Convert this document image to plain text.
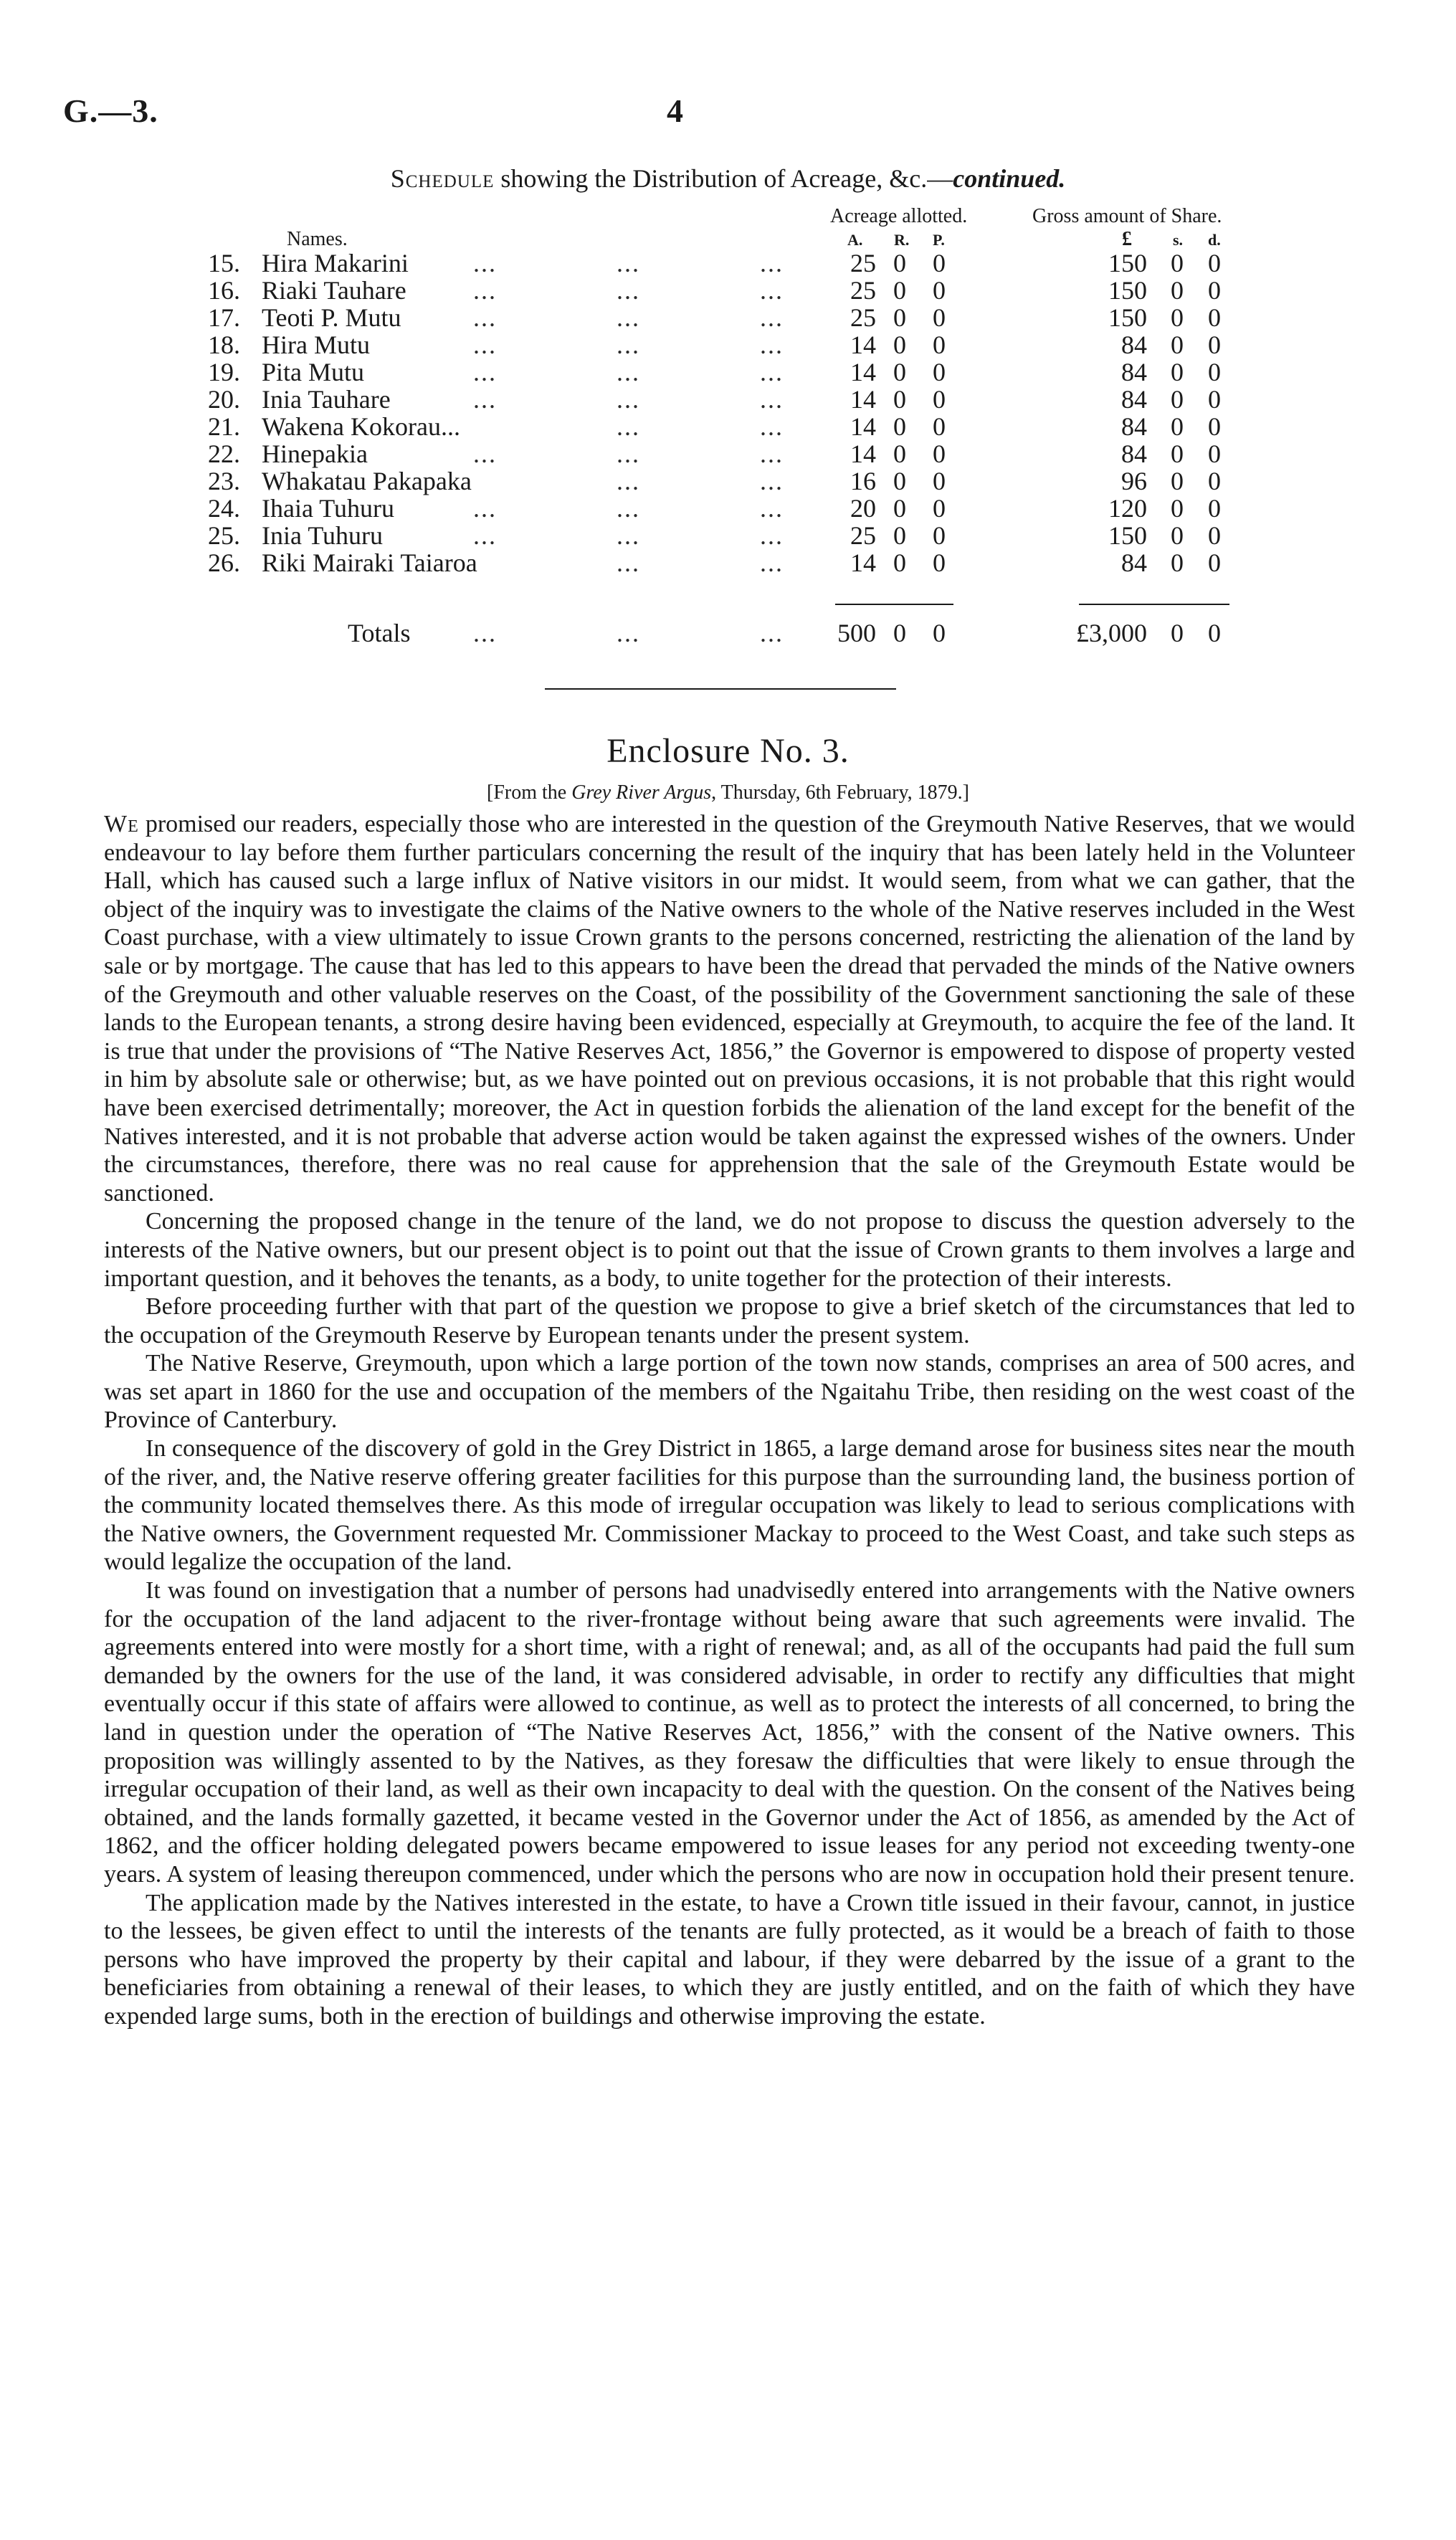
G.—3.	4
Schedule showing the Distribution of Acreage, &c.—continued.
Acreage allotted.	Gross amount of Share.
Names.	A. R. P.	£	s. d.
15. Hira Makarini	...	...	...	25 0 0	150 0 0
16. Riaki Tauhare	...	...	...	25 0 0	150 0 0
17. Teoti P. Mutu	...	...	...	25 0 0	150 0 0
18. Hira Mutu	...	...	...	14 0 0	84 0 0
19. Pita Mutu	...	...	...	14 0 0	84 0 0
20. Inia Tauhare	...	...	...	14 0 0	84 0 0
21. Wakena Kokorau...	...	...	14 0 0	84 0 0
22. Hinepakia	...	...	...	14 0 0	84 0 0
23. Whakatau Pakapaka	...	...	16 0 0	96 0 0
24. Ihaia Tuhuru	...	...	...	20 0 0	120 0 0
25. Inia Tuhuru	...	...	...	25 0 0	150 0 0
26. Riki Mairaki Taiaroa	...	...	14 0 0	84 0 0
Totals ...	...	...	500 0 0	£3,000 0 0
Enclosure No. 3.
[From the Grey River Argus, Thursday, 6th February, 1879.]

We promised our readers, especially those who are interested in the question of the Greymouth Native Reserves, that we would endeavour to lay before them further particulars concerning the result of the inquiry that has been lately held in the Volunteer Hall, which has caused such a large influx of Native visitors in our midst. It would seem, from what we can gather, that the object of the inquiry was to investigate the claims of the Native owners to the whole of the Native reserves included in the West Coast purchase, with a view ultimately to issue Crown grants to the persons concerned, restricting the alienation of the land by sale or by mortgage. The cause that has led to this appears to have been the dread that pervaded the minds of the Native owners of the Greymouth and other valuable reserves on the Coast, of the possibility of the Government sanctioning the sale of these lands to the European tenants, a strong desire having been evidenced, especially at Greymouth, to acquire the fee of the land. It is true that under the provisions of “The Native Reserves Act, 1856,” the Governor is empowered to dispose of property vested in him by absolute sale or otherwise; but, as we have pointed out on previous occasions, it is not probable that this right would have been exercised detrimentally; moreover, the Act in question forbids the alienation of the land except for the benefit of the Natives interested, and it is not probable that adverse action would be taken against the expressed wishes of the owners. Under the circumstances, therefore, there was no real cause for apprehension that the sale of the Greymouth Estate would be sanctioned.

Concerning the proposed change in the tenure of the land, we do not propose to discuss the question adversely to the interests of the Native owners, but our present object is to point out that the issue of Crown grants to them involves a large and important question, and it behoves the tenants, as a body, to unite together for the protection of their interests.

Before proceeding further with that part of the question we propose to give a brief sketch of the circumstances that led to the occupation of the Greymouth Reserve by European tenants under the present system.

The Native Reserve, Greymouth, upon which a large portion of the town now stands, comprises an area of 500 acres, and was set apart in 1860 for the use and occupation of the members of the Ngaitahu Tribe, then residing on the west coast of the Province of Canterbury.

In consequence of the discovery of gold in the Grey District in 1865, a large demand arose for business sites near the mouth of the river, and, the Native reserve offering greater facilities for this purpose than the surrounding land, the business portion of the community located themselves there. As this mode of irregular occupation was likely to lead to serious complications with the Native owners, the Government requested Mr. Commissioner Mackay to proceed to the West Coast, and take such steps as would legalize the occupation of the land.

It was found on investigation that a number of persons had unadvisedly entered into arrangements with the Native owners for the occupation of the land adjacent to the river-frontage without being aware that such agreements were invalid. The agreements entered into were mostly for a short time, with a right of renewal; and, as all of the occupants had paid the full sum demanded by the owners for the use of the land, it was considered advisable, in order to rectify any difficulties that might eventually occur if this state of affairs were allowed to continue, as well as to protect the interests of all concerned, to bring the land in question under the operation of “The Native Reserves Act, 1856,” with the consent of the Native owners. This proposition was willingly assented to by the Natives, as they foresaw the difficulties that were likely to ensue through the irregular occupation of their land, as well as their own incapacity to deal with the question. On the consent of the Natives being obtained, and the lands formally gazetted, it became vested in the Governor under the Act of 1856, as amended by the Act of 1862, and the officer holding delegated powers became empowered to issue leases for any period not exceeding twenty-one years. A system of leasing thereupon commenced, under which the persons who are now in occupation hold their present tenure.

The application made by the Natives interested in the estate, to have a Crown title issued in their favour, cannot, in justice to the lessees, be given effect to until the interests of the tenants are fully protected, as it would be a breach of faith to those persons who have improved the property by their capital and labour, if they were debarred by the issue of a grant to the beneficiaries from obtaining a renewal of their leases, to which they are justly entitled, and on the faith of which they have expended large sums, both in the erection of buildings and otherwise improving the estate.
